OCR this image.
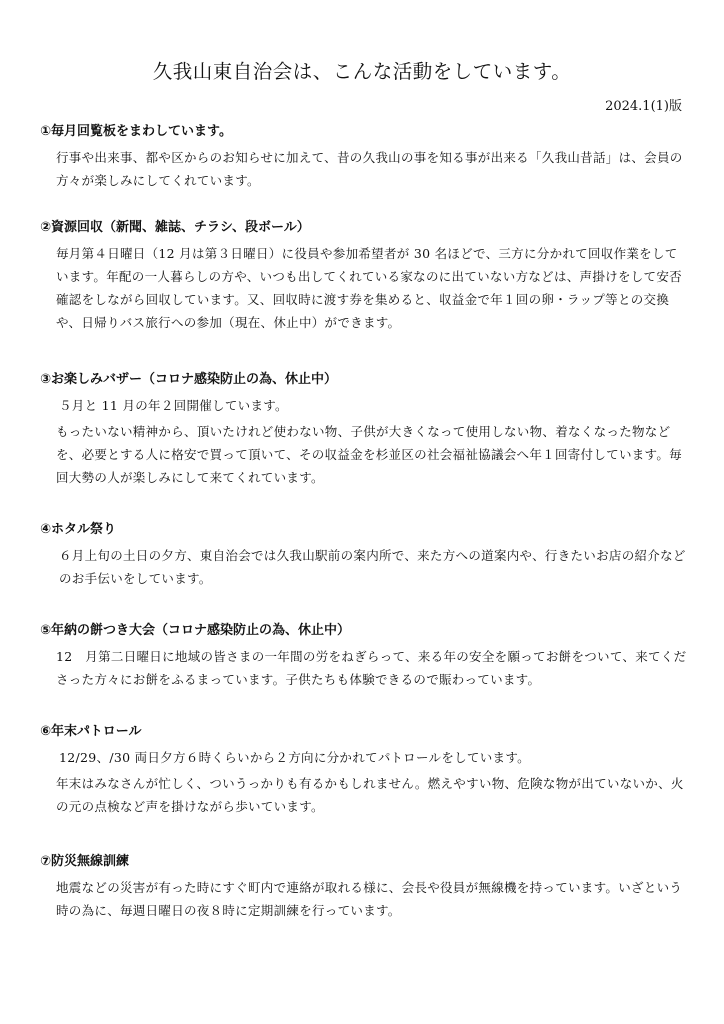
久我山東自治会は、こんな活動をしています。
2024.1(1)版
①毎月回覧板をまわしています。

行事や出来事、都や区からのお知らせに加えて、昔の久我山の事を知る事が出来る「久我山昔話」は、会員の方々が楽しみにしてくれています。

②資源回収（新聞、雑誌、チラシ、段ボール）

毎月第４日曜日（12 月は第３日曜日）に役員や参加希望者が 30 名ほどで、三方に分かれて回収作業をしています。年配の一人暮らしの方や、いつも出してくれている家なのに出ていない方などは、声掛けをして安否確認をしながら回収しています。又、回収時に渡す券を集めると、収益金で年１回の卵・ラップ等との交換や、日帰りバス旅行への参加（現在、休止中）ができます。

③お楽しみバザー（コロナ感染防止の為、休止中）

５月と 11 月の年２回開催しています。

もったいない精神から、頂いたけれど使わない物、子供が大きくなって使用しない物、着なくなった物などを、必要とする人に格安で買って頂いて、その収益金を杉並区の社会福祉協議会へ年１回寄付しています。毎回大勢の人が楽しみにして来てくれています。

④ホタル祭り

６月上旬の土日の夕方、東自治会では久我山駅前の案内所で、来た方への道案内や、行きたいお店の紹介などのお手伝いをしています。

⑤年納の餅つき大会（コロナ感染防止の為、休止中）

12　月第二日曜日に地域の皆さまの一年間の労をねぎらって、来る年の安全を願ってお餅をついて、来てくださった方々にお餅をふるまっています。子供たちも体験できるので賑わっています。

⑥年末パトロール

12/29、/30 両日夕方６時くらいから２方向に分かれてパトロールをしています。

年末はみなさんが忙しく、ついうっかりも有るかもしれません。燃えやすい物、危険な物が出ていないか、火の元の点検など声を掛けながら歩いています。

⑦防災無線訓練

地震などの災害が有った時にすぐ町内で連絡が取れる様に、会長や役員が無線機を持っています。いざという時の為に、毎週日曜日の夜８時に定期訓練を行っています。
